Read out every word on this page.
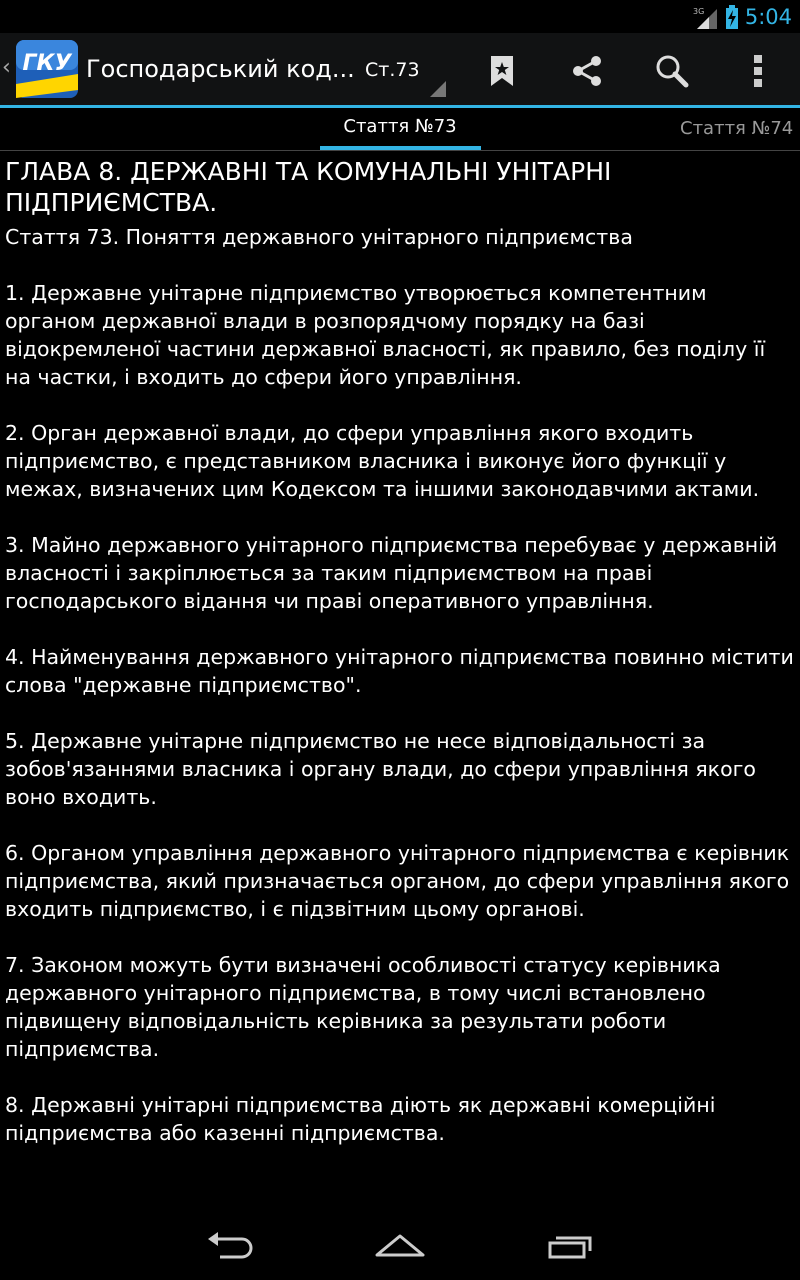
3G 5:04
‹ ГКУ Господарський код... Ст.73
Стаття №73	Стаття №74
ГЛАВА 8. ДЕРЖАВНІ ТА КОМУНАЛЬНІ УНІТАРНІ ПІДПРИЄМСТВА.

Стаття 73. Поняття державного унітарного підприємства

1. Державне унітарне підприємство утворюється компетентним органом державної влади в розпорядчому порядку на базі відокремленої частини державної власності, як правило, без поділу її на частки, і входить до сфери його управління.

2. Орган державної влади, до сфери управління якого входить підприємство, є представником власника і виконує його функції у межах, визначених цим Кодексом та іншими законодавчими актами.

3. Майно державного унітарного підприємства перебуває у державній власності і закріплюється за таким підприємством на праві господарського відання чи праві оперативного управління.

4. Найменування державного унітарного підприємства повинно містити слова "державне підприємство".

5. Державне унітарне підприємство не несе відповідальності за зобов'язаннями власника і органу влади, до сфери управління якого воно входить.

6. Органом управління державного унітарного підприємства є керівник підприємства, який призначається органом, до сфери управління якого входить підприємство, і є підзвітним цьому органові.

7. Законом можуть бути визначені особливості статусу керівника державного унітарного підприємства, в тому числі встановлено підвищену відповідальність керівника за результати роботи підприємства.

8. Державні унітарні підприємства діють як державні комерційні підприємства або казенні підприємства.
